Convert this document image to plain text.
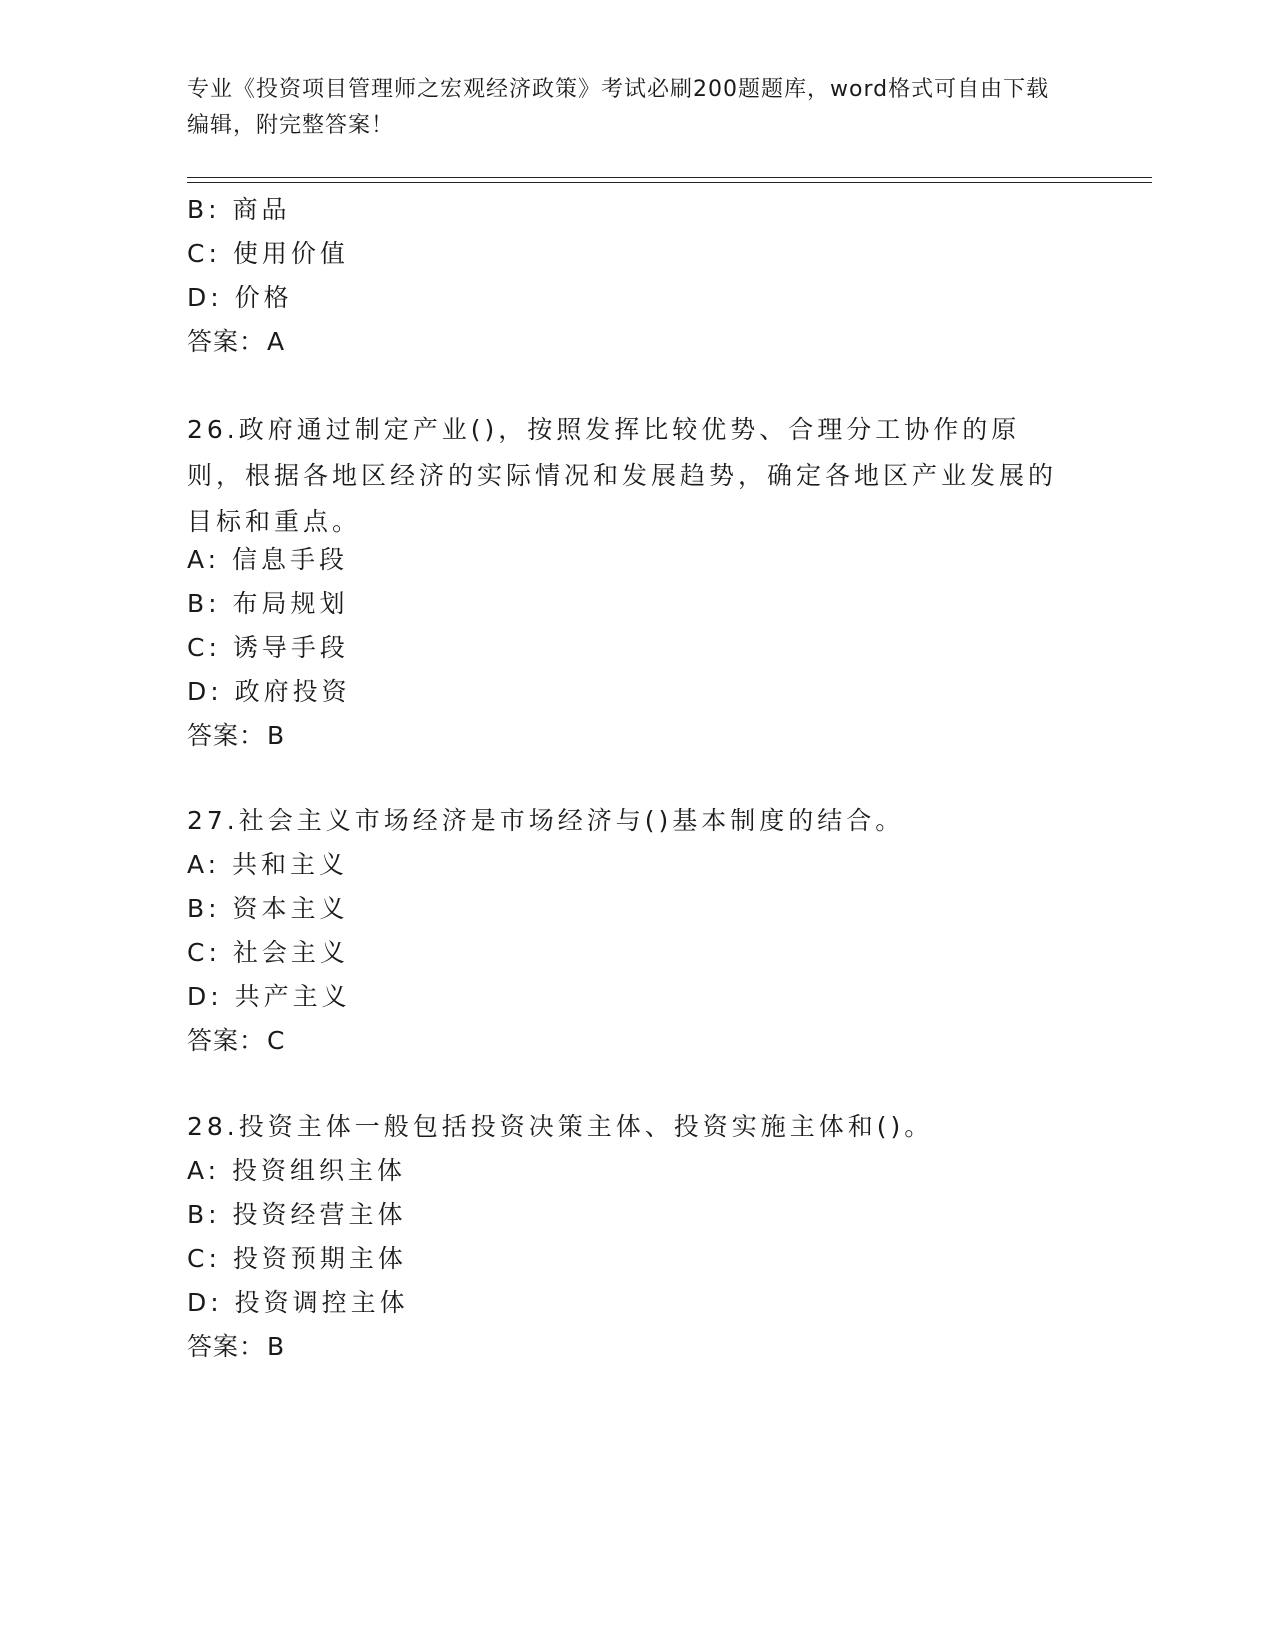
专业《投资项目管理师之宏观经济政策》考试必刷200题题库，word格式可自由下载编辑，附完整答案！
B: 商品
C: 使用价值
D: 价格
答案：A
26.政府通过制定产业()，按照发挥比较优势、合理分工协作的原则，根据各地区经济的实际情况和发展趋势，确定各地区产业发展的目标和重点。
A: 信息手段
B: 布局规划
C: 诱导手段
D: 政府投资
答案：B
27.社会主义市场经济是市场经济与()基本制度的结合。
A: 共和主义
B: 资本主义
C: 社会主义
D: 共产主义
答案：C
28.投资主体一般包括投资决策主体、投资实施主体和()。
A: 投资组织主体
B: 投资经营主体
C: 投资预期主体
D: 投资调控主体
答案：B
